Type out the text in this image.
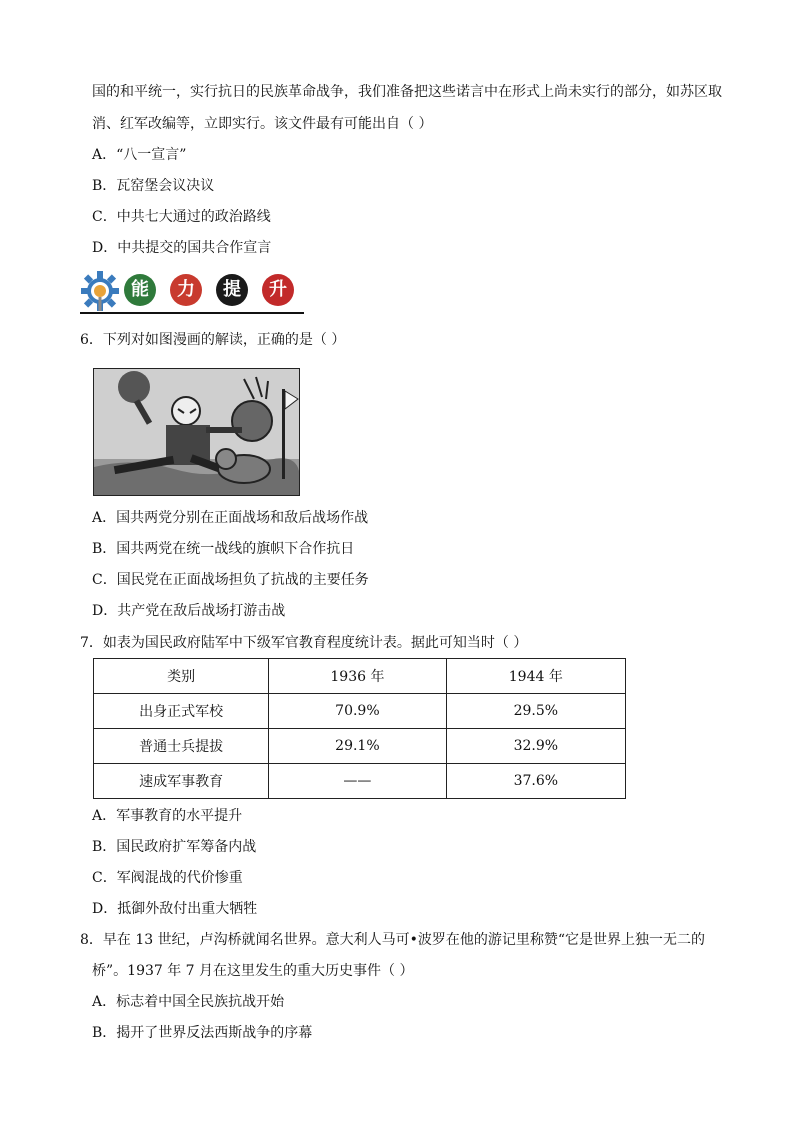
国的和平统一，实行抗日的民族革命战争，我们准备把这些诺言中在形式上尚未实行的部分，如苏区取
消、红军改编等，立即实行。该文件最有可能出自（ ）
A．“八一宣言”
B．瓦窑堡会议决议
C．中共七大通过的政治路线
D．中共提交的国共合作宣言
能	力	提	升
6．下列对如图漫画的解读，正确的是（ ）
A．国共两党分别在正面战场和敌后战场作战
B．国共两党在统一战线的旗帜下合作抗日
C．国民党在正面战场担负了抗战的主要任务
D．共产党在敌后战场打游击战
7．如表为国民政府陆军中下级军官教育程度统计表。据此可知当时（ ）
类别	1936 年	1944 年
出身正式军校	70.9%	29.5%
普通士兵提拔	29.1%	32.9%
速成军事教育	——	37.6%
A．军事教育的水平提升
B．国民政府扩军筹备内战
C．军阀混战的代价惨重
D．抵御外敌付出重大牺牲
8．早在 13 世纪，卢沟桥就闻名世界。意大利人马可•波罗在他的游记里称赞“它是世界上独一无二的
桥”。1937 年 7 月在这里发生的重大历史事件（ ）
A．标志着中国全民族抗战开始
B．揭开了世界反法西斯战争的序幕
